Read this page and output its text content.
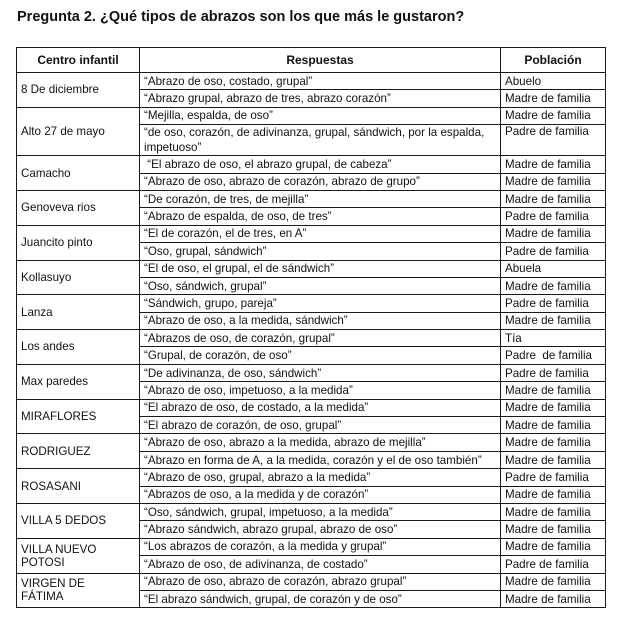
Pregunta 2. ¿Qué tipos de abrazos son los que más le gustaron?
Centro infantil	Respuestas	Población
8 De diciembre	“Abrazo de oso, costado, grupal”	Abuelo
	“Abrazo grupal, abrazo de tres, abrazo corazón”	Madre de familia
Alto 27 de mayo	“Mejilla, espalda, de oso”	Madre de familia
	“de oso, corazón, de adivinanza, grupal, sándwich, por la espalda, impetuoso”	Padre de familia
Camacho	“El abrazo de oso, el abrazo grupal, de cabeza”	Madre de familia
	“Abrazo de oso, abrazo de corazón, abrazo de grupo”	Madre de familia
Genoveva rios	“De corazón, de tres, de mejilla”	Madre de familia
	“Abrazo de espalda, de oso, de tres”	Padre de familia
Juancito pinto	“El de corazón, el de tres, en A”	Madre de familia
	“Oso, grupal, sándwich”	Padre de familia
Kollasuyo	“El de oso, el grupal, el de sándwich”	Abuela
	“Oso, sándwich, grupal”	Madre de familia
Lanza	“Sándwich, grupo, pareja”	Padre de familia
	“Abrazo de oso, a la medida, sándwich”	Madre de familia
Los andes	“Abrazos de oso, de corazón, grupal”	Tía
	“Grupal, de corazón, de oso”	Padre  de familia
Max paredes	“De adivinanza, de oso, sándwich”	Padre de familia
	“Abrazo de oso, impetuoso, a la medida”	Madre de familia
MIRAFLORES	“El abrazo de oso, de costado, a la medida”	Madre de familia
	“El abrazo de corazón, de oso, grupal”	Madre de familia
RODRIGUEZ	“Abrazo de oso, abrazo a la medida, abrazo de mejilla”	Madre de familia
	“Abrazo en forma de A, a la medida, corazón y el de oso también”	Madre de familia
ROSASANI	“Abrazo de oso, grupal, abrazo a la medida”	Padre de familia
	“Abrazos de oso, a la medida y de corazón”	Madre de familia
VILLA 5 DEDOS	“Oso, sándwich, grupal, impetuoso, a la medida”	Madre de familia
	“Abrazo sándwich, abrazo grupal, abrazo de oso”	Madre de familia
VILLA NUEVO POTOSI	“Los abrazos de corazón, a la medida y grupal”	Madre de familia
	“Abrazo de oso, de adivinanza, de costado”	Padre de familia
VIRGEN DE FÁTIMA	“Abrazo de oso, abrazo de corazón, abrazo grupal”	Madre de familia
	“El abrazo sándwich, grupal, de corazón y de oso”	Madre de familia
